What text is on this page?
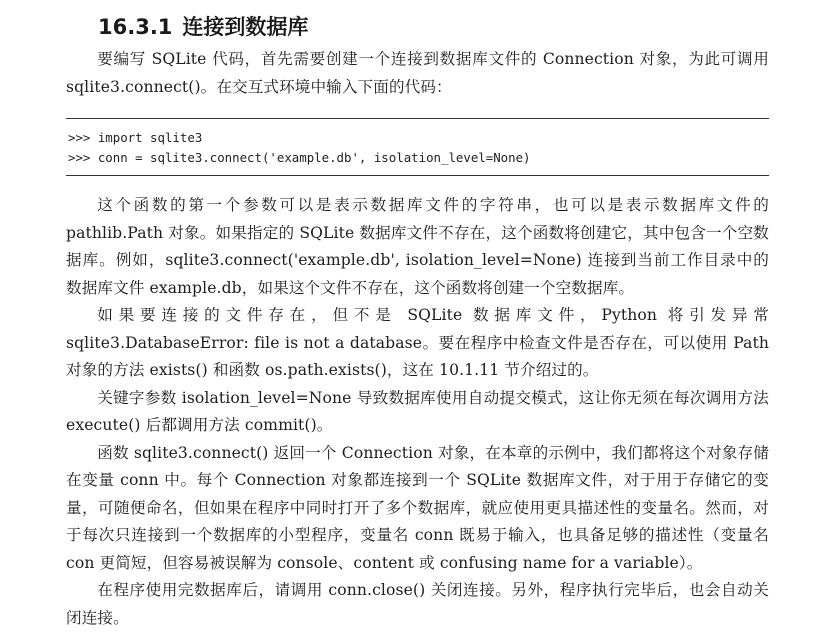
16.3.1 连接到数据库

要编写 SQLite 代码，首先需要创建一个连接到数据库文件的 Connection 对象，为此可调用 sqlite3.connect()。在交互式环境中输入下面的代码：

>>> import sqlite3
>>> conn = sqlite3.connect('example.db', isolation_level=None)

这个函数的第一个参数可以是表示数据库文件的字符串，也可以是表示数据库文件的 pathlib.Path 对象。如果指定的 SQLite 数据库文件不存在，这个函数将创建它，其中包含一个空数据库。例如，sqlite3.connect('example.db', isolation_level=None) 连接到当前工作目录中的数据库文件 example.db，如果这个文件不存在，这个函数将创建一个空数据库。

如果要连接的文件存在，但不是 SQLite 数据库文件，Python 将引发异常 sqlite3.DatabaseError: file is not a database。要在程序中检查文件是否存在，可以使用 Path 对象的方法 exists() 和函数 os.path.exists()，这在 10.1.11 节介绍过的。

关键字参数 isolation_level=None 导致数据库使用自动提交模式，这让你无须在每次调用方法 execute() 后都调用方法 commit()。

函数 sqlite3.connect() 返回一个 Connection 对象，在本章的示例中，我们都将这个对象存储在变量 conn 中。每个 Connection 对象都连接到一个 SQLite 数据库文件，对于用于存储它的变量，可随便命名，但如果在程序中同时打开了多个数据库，就应使用更具描述性的变量名。然而，对于每次只连接到一个数据库的小型程序，变量名 conn 既易于输入，也具备足够的描述性（变量名 con 更简短，但容易被误解为 console、content 或 confusing name for a variable）。

在程序使用完数据库后，请调用 conn.close() 关闭连接。另外，程序执行完毕后，也会自动关闭连接。
